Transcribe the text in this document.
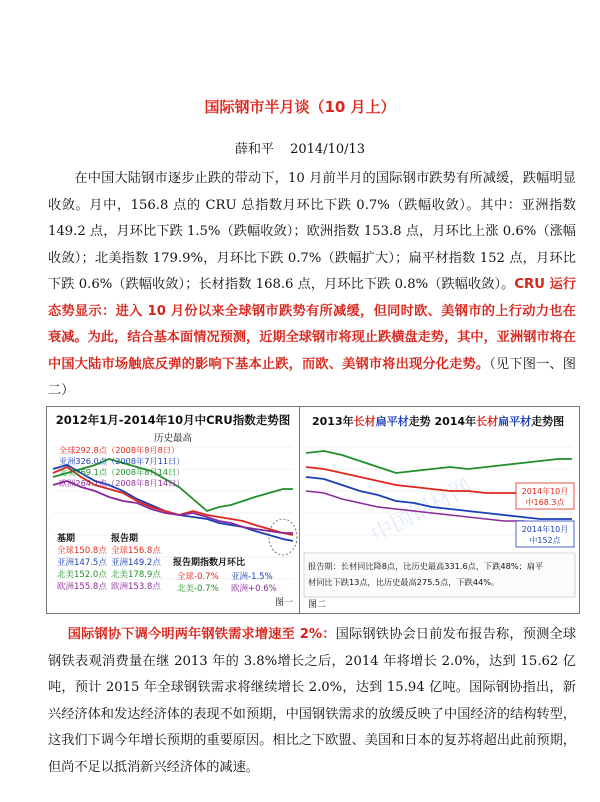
国际钢市半月谈（10 月上）
薛和平 2014/10/13
在中国大陆钢市逐步止跌的带动下，10 月前半月的国际钢市跌势有所减缓，跌幅明显收敛。月中，156.8 点的 CRU 总指数月环比下跌 0.7%（跌幅收敛）。其中：亚洲指数 149.2 点，月环比下跌 1.5%（跌幅收敛）；欧洲指数 153.8 点，月环比上涨 0.6%（涨幅收敛）；北美指数 179.9%，月环比下跌 0.7%（跌幅扩大）；扁平材指数 152 点，月环比下跌 0.6%（跌幅收敛）；长材指数 168.6 点，月环比下跌 0.8%（跌幅收敛）。CRU 运行态势显示：进入 10 月份以来全球钢市跌势有所减缓，但同时欧、美钢市的上行动力也在衰减。为此，结合基本面情况预测，近期全球钢市将现止跌横盘走势，其中，亚洲钢市将在中国大陆市场触底反弹的影响下基本止跌，而欧、美钢市将出现分化走势。（见下图一、图二）
2012年1月-2014年10月中CRU指数走势图
历史最高
全球292.8点（2008年8月8日）
亚洲326.0点（2008年7月11日）
北美269.1点（2008年8月14日）
欧洲264.1点（2008年8月14日）
基期
全球150.8点
亚洲147.5点
北美152.0点
欧洲155.8点
报告期
全球156.8点
亚洲149.2点
北美178.9点
欧洲153.8点
报告期指数月环比
全球-0.7% 亚洲-1.5%
北美-0.7% 欧洲+0.6%
图一
2013年长材扁平材走势 2014年长材扁平材走势图
中国钢材网	2014年10月
中168.3点
2014年10月
中152点
报告期：长材同比降8点，比历史最高331.6点，下跌48%；扁平
材同比下跌13点，比历史最高275.5点，下跌44%。
图二
国际钢协下调今明两年钢铁需求增速至 2%：国际钢铁协会日前发布报告称，预测全球钢铁表观消费量在继 2013 年的 3.8%增长之后，2014 年将增长 2.0%，达到 15.62 亿吨，预计 2015 年全球钢铁需求将继续增长 2.0%，达到 15.94 亿吨。国际钢协指出，新兴经济体和发达经济体的表现不如预期，中国钢铁需求的放缓反映了中国经济的结构转型，这我们下调今年增长预期的重要原因。相比之下欧盟、美国和日本的复苏将超出此前预期，但尚不足以抵消新兴经济体的减速。
